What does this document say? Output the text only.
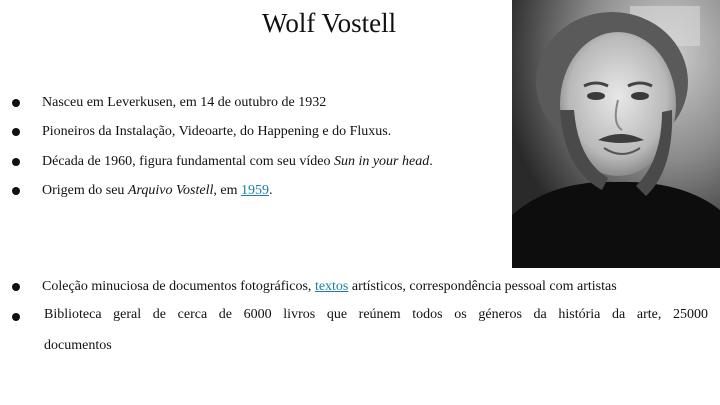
Wolf Vostell
Nasceu em Leverkusen, em 14 de outubro de 1932
Pioneiros da Instalação, Videoarte, do Happening e do Fluxus.
Década de 1960, figura fundamental com seu vídeo Sun in your head.
Origem do seu Arquivo Vostell, em 1959.
Coleção minuciosa de documentos fotográficos, textos artísticos, correspondência pessoal com artistas
Biblioteca geral de cerca de 6000 livros que reúnem todos os géneros da história da arte, 25000
documentos
